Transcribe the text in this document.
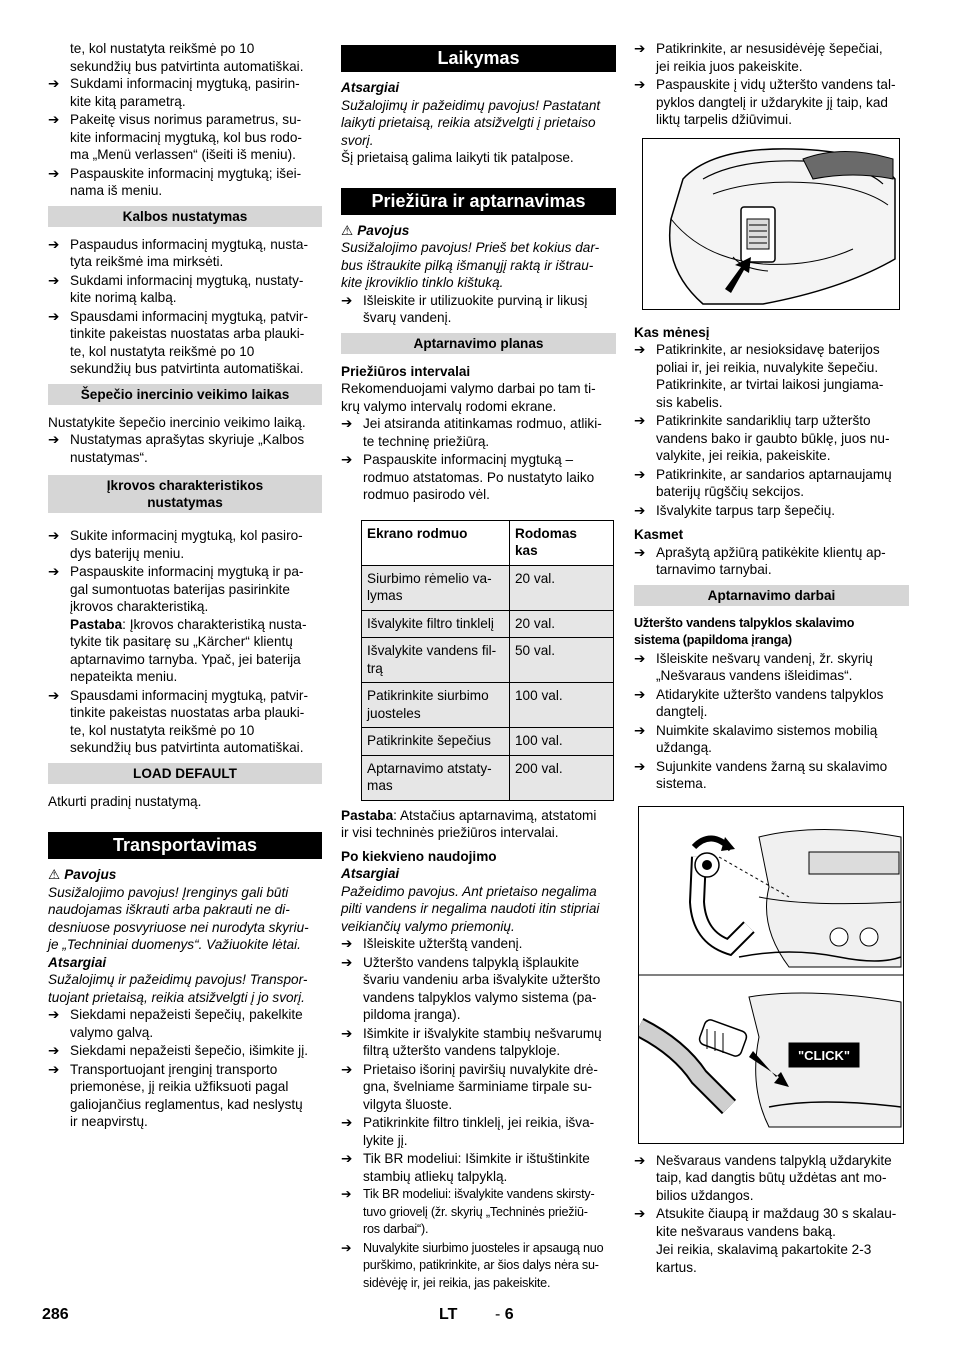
te, kol nustatyta reikšmė po 10

sekundžių bus patvirtinta automatiškai.

➔ Sukdami informacinį mygtuką, pasirin-

kite kitą parametrą.

➔ Pakeitę visus norimus parametrus, su-

kite informacinį mygtuką, kol bus rodo-

ma „Menü verlassen“ (išeiti iš meniu).

➔ Paspauskite informacinį mygtuką; išei-

nama iš meniu.

Kalbos nustatymas
➔ Paspaudus informacinį mygtuką, nusta-

tyta reikšmė ima mirksėti.

➔ Sukdami informacinį mygtuką, nustaty-

kite norimą kalbą.

➔ Spausdami informacinį mygtuką, patvir-

tinkite pakeistas nuostatas arba plauki-

te, kol nustatyta reikšmė po 10

sekundžių bus patvirtinta automatiškai.

Šepečio inercinio veikimo laikas

Nustatykite šepečio inercinio veikimo laiką.

➔ Nustatymas aprašytas skyriuje „Kalbos

nustatymas“.

Įkrovos charakteristikos

nustatymas

➔ Sukite informacinį mygtuką, kol pasiro-

dys baterijų meniu.

➔ Paspauskite informacinį mygtuką ir pa-

gal sumontuotas baterijas pasirinkite

įkrovos charakteristiką.

Pastaba: Įkrovos charakteristiką nusta-

tykite tik pasitarę su „Kärcher“ klientų

aptarnavimo tarnyba. Ypač, jei baterija

nepateikta meniu.

➔ Spausdami informacinį mygtuką, patvir-

tinkite pakeistas nuostatas arba plauki-

te, kol nustatyta reikšmė po 10

sekundžių bus patvirtinta automatiškai.

LOAD DEFAULT

Atkurti pradinį nustatymą.

Transportavimas

⚠ Pavojus

Susižalojimo pavojus! Įrenginys gali būti

naudojamas iškrauti arba pakrauti ne di-

desniuose posvyriuose nei nurodyta skyriu-

je „Techniniai duomenys“. Važiuokite lėtai.

Atsargiai

Sužalojimų ir pažeidimų pavojus! Transpor-

tuojant prietaisą, reikia atsižvelgti į jo svorį.

➔ Siekdami nepažeisti šepečių, pakelkite

valymo galvą.

➔ Siekdami nepažeisti šepečio, išimkite jį.

➔ Transportuojant įrenginį transporto

priemonėse, jį reikia užfiksuoti pagal

galiojančius reglamentus, kad neslystų

ir neapvirstų.

Laikymas

Atsargiai

Sužalojimų ir pažeidimų pavojus! Pastatant

laikyti prietaisą, reikia atsižvelgti į prietaiso

svorį.

Šį prietaisą galima laikyti tik patalpose.

Priežiūra ir aptarnavimas

⚠ Pavojus

Susižalojimo pavojus! Prieš bet kokius dar-

bus ištraukite pilką išmanųjį raktą ir ištrau-

kite įkroviklio tinklo kištuką.

➔ Išleiskite ir utilizuokite purviną ir likusį

švarų vandenį.

Aptarnavimo planas

Priežiūros intervalai

Rekomenduojami valymo darbai po tam ti-

krų valymo intervalų rodomi ekrane.

➔ Jei atsiranda atitinkamas rodmuo, atliki-

te techninę priežiūrą.

➔ Paspauskite informacinį mygtuką –

rodmuo atstatomas. Po nustatyto laiko

rodmuo pasirodo vėl.

Ekrano rodmuo	Rodomas

kas

Siurbimo rėmelio va-

lymas	20 val.

Išvalykite filtro tinklelį	20 val.

Išvalykite vandens fil-

trą	50 val.

Patikrinkite siurbimo

juosteles	100 val.

Patikrinkite šepečius	100 val.

Aptarnavimo atstaty-

mas	200 val.

Pastaba: Atstačius aptarnavimą, atstatomi

ir visi techninės priežiūros intervalai.

Po kiekvieno naudojimo

Atsargiai

Pažeidimo pavojus. Ant prietaiso negalima

pilti vandens ir negalima naudoti itin stipriai

veikiančių valymo priemonių.

➔ Išleiskite užterštą vandenį.

➔ Užteršto vandens talpyklą išplaukite

švariu vandeniu arba išvalykite užteršto

vandens talpyklos valymo sistema (pa-

pildoma įranga).

➔ Išimkite ir išvalykite stambių nešvarumų

filtrą užteršto vandens talpykloje.

➔ Prietaiso išorinį paviršių nuvalykite drė-

gna, švelniame šarminiame tirpale su-

vilgyta šluoste.

➔ Patikrinkite filtro tinklelį, jei reikia, išva-

lykite jį.

➔ Tik BR modeliui: Išimkite ir ištuštinkite

stambių atliekų talpyklą.

➔ Tik BR modeliui: išvalykite vandens skirsty-

tuvo griovelį (žr. skyrių „Techninės priežiū-

ros darbai“).

➔ Nuvalykite siurbimo juosteles ir apsaugą nuo

purškimo, patikrinkite, ar šios dalys nėra su-

sidėvėję ir, jei reikia, jas pakeiskite.

➔ Patikrinkite, ar nesusidėvėję šepečiai,

jei reikia juos pakeiskite.

➔ Paspauskite į vidų užteršto vandens tal-

pyklos dangtelį ir uždarykite jį taip, kad

liktų tarpelis džiūvimui.

Kas mėnesį

➔ Patikrinkite, ar nesioksidavę baterijos

poliai ir, jei reikia, nuvalykite šepečiu.

Patikrinkite, ar tvirtai laikosi jungiama-

sis kabelis.

➔ Patikrinkite sandariklių tarp užteršto

vandens bako ir gaubto būklę, juos nu-

valykite, jei reikia, pakeiskite.

➔ Patikrinkite, ar sandarios aptarnaujamų

baterijų rūgščių sekcijos.

➔ Išvalykite tarpus tarp šepečių.

Kasmet

➔ Aprašytą apžiūrą patikėkite klientų ap-

tarnavimo tarnybai.

Aptarnavimo darbai

Užteršto vandens talpyklos skalavimo

sistema (papildoma įranga)

➔ Išleiskite nešvarų vandenį, žr. skyrių

„Nešvaraus vandens išleidimas“.

➔ Atidarykite užteršto vandens talpyklos

dangtelį.

➔ Nuimkite skalavimo sistemos mobilią

uždangą.

➔ Sujunkite vandens žarną su skalavimo

sistema.

"CLICK"
➔ Nešvaraus vandens talpyklą uždarykite

taip, kad dangtis būtų uždėtas ant mo-

bilios uždangos.

➔ Atsukite čiaupą ir maždaug 30 s skalau-

kite nešvaraus vandens baką.

Jei reikia, skalavimą pakartokite 2-3

kartus.

286	LT - 6
